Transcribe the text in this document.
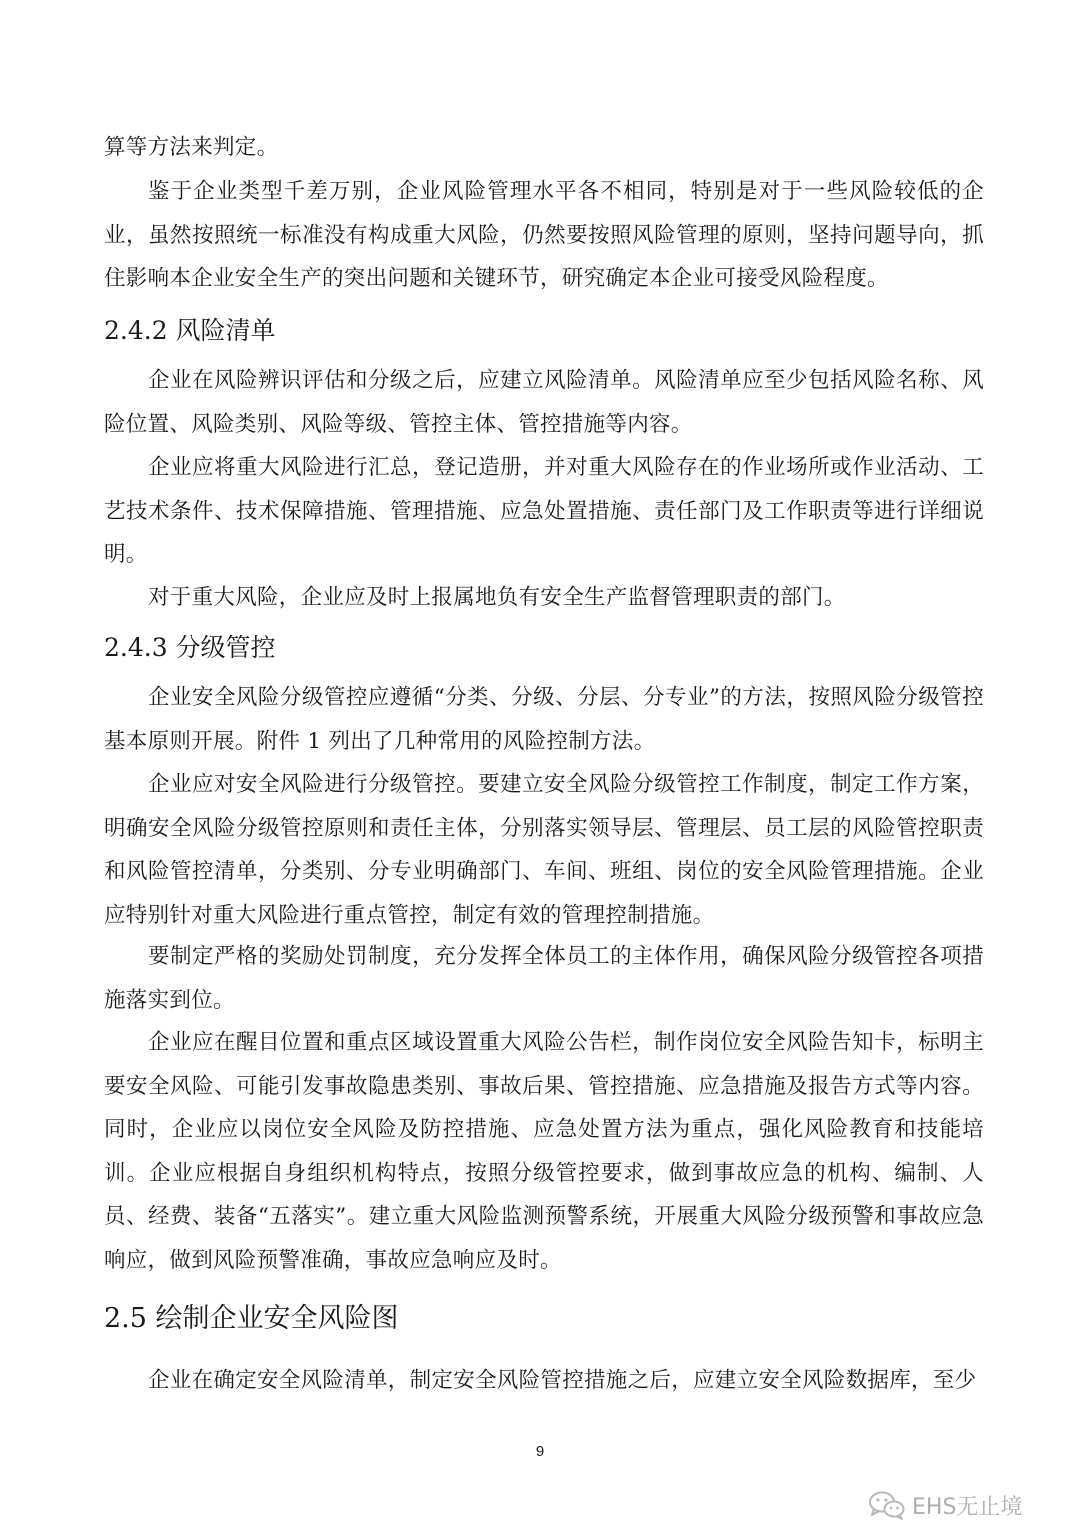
算等方法来判定。

鉴于企业类型千差万别，企业风险管理水平各不相同，特别是对于一些风险较低的企业，虽然按照统一标准没有构成重大风险，仍然要按照风险管理的原则，坚持问题导向，抓住影响本企业安全生产的突出问题和关键环节，研究确定本企业可接受风险程度。

2.4.2 风险清单

企业在风险辨识评估和分级之后，应建立风险清单。风险清单应至少包括风险名称、风险位置、风险类别、风险等级、管控主体、管控措施等内容。

企业应将重大风险进行汇总，登记造册，并对重大风险存在的作业场所或作业活动、工艺技术条件、技术保障措施、管理措施、应急处置措施、责任部门及工作职责等进行详细说明。

对于重大风险，企业应及时上报属地负有安全生产监督管理职责的部门。

2.4.3 分级管控

企业安全风险分级管控应遵循“分类、分级、分层、分专业”的方法，按照风险分级管控基本原则开展。附件 1 列出了几种常用的风险控制方法。

企业应对安全风险进行分级管控。要建立安全风险分级管控工作制度，制定工作方案，明确安全风险分级管控原则和责任主体，分别落实领导层、管理层、员工层的风险管控职责和风险管控清单，分类别、分专业明确部门、车间、班组、岗位的安全风险管理措施。企业应特别针对重大风险进行重点管控，制定有效的管理控制措施。

要制定严格的奖励处罚制度，充分发挥全体员工的主体作用，确保风险分级管控各项措施落实到位。

企业应在醒目位置和重点区域设置重大风险公告栏，制作岗位安全风险告知卡，标明主要安全风险、可能引发事故隐患类别、事故后果、管控措施、应急措施及报告方式等内容。同时，企业应以岗位安全风险及防控措施、应急处置方法为重点，强化风险教育和技能培训。企业应根据自身组织机构特点，按照分级管控要求，做到事故应急的机构、编制、人员、经费、装备“五落实”。建立重大风险监测预警系统，开展重大风险分级预警和事故应急响应，做到风险预警准确，事故应急响应及时。

2.5 绘制企业安全风险图

企业在确定安全风险清单，制定安全风险管控措施之后，应建立安全风险数据库，至少

9
EHS无止境
